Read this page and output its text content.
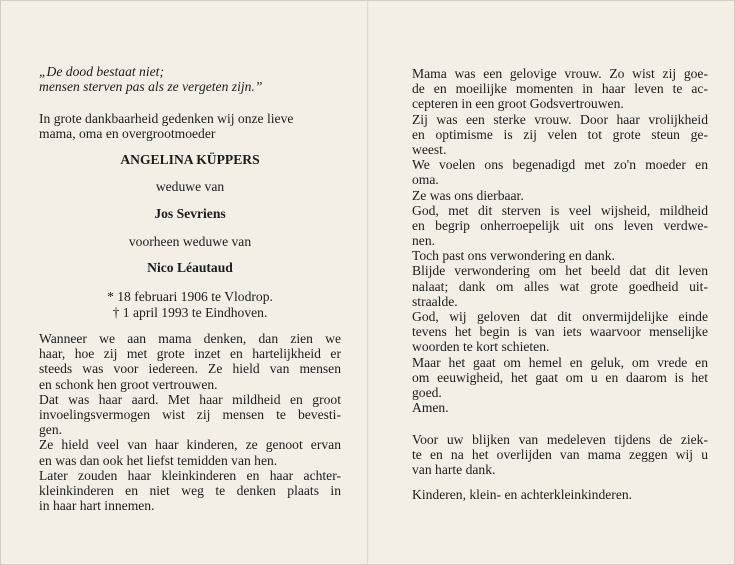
„De dood bestaat niet;
mensen sterven pas als ze vergeten zijn.”
In grote dankbaarheid gedenken wij onze lieve
mama, oma en overgrootmoeder
ANGELINA KÜPPERS
weduwe van
Jos Sevriens
voorheen weduwe van
Nico Léautaud
* 18 februari 1906 te Vlodrop.
† 1 april 1993 te Eindhoven.
Wanneer we aan mama denken, dan zien we
haar, hoe zij met grote inzet en hartelijkheid er
steeds was voor iedereen. Ze hield van mensen
en schonk hen groot vertrouwen.
Dat was haar aard. Met haar mildheid en groot
invoelingsvermogen wist zij mensen te bevesti-
gen.
Ze hield veel van haar kinderen, ze genoot ervan
en was dan ook het liefst temidden van hen.
Later zouden haar kleinkinderen en haar achter-
kleinkinderen en niet weg te denken plaats in
in haar hart innemen.
Mama was een gelovige vrouw. Zo wist zij goe-
de en moeilijke momenten in haar leven te ac-
cepteren in een groot Godsvertrouwen.
Zij was een sterke vrouw. Door haar vrolijkheid
en optimisme is zij velen tot grote steun ge-
weest.
We voelen ons begenadigd met zo'n moeder en
oma.
Ze was ons dierbaar.
God, met dit sterven is veel wijsheid, mildheid
en begrip onherroepelijk uit ons leven verdwe-
nen.
Toch past ons verwondering en dank.
Blijde verwondering om het beeld dat dit leven
nalaat; dank om alles wat grote goedheid uit-
straalde.
God, wij geloven dat dit onvermijdelijke einde
tevens het begin is van iets waarvoor menselijke
woorden te kort schieten.
Maar het gaat om hemel en geluk, om vrede en
om eeuwigheid, het gaat om u en daarom is het
goed.
Amen.
Voor uw blijken van medeleven tijdens de ziek-
te en na het overlijden van mama zeggen wij u
van harte dank.
Kinderen, klein- en achterkleinkinderen.
